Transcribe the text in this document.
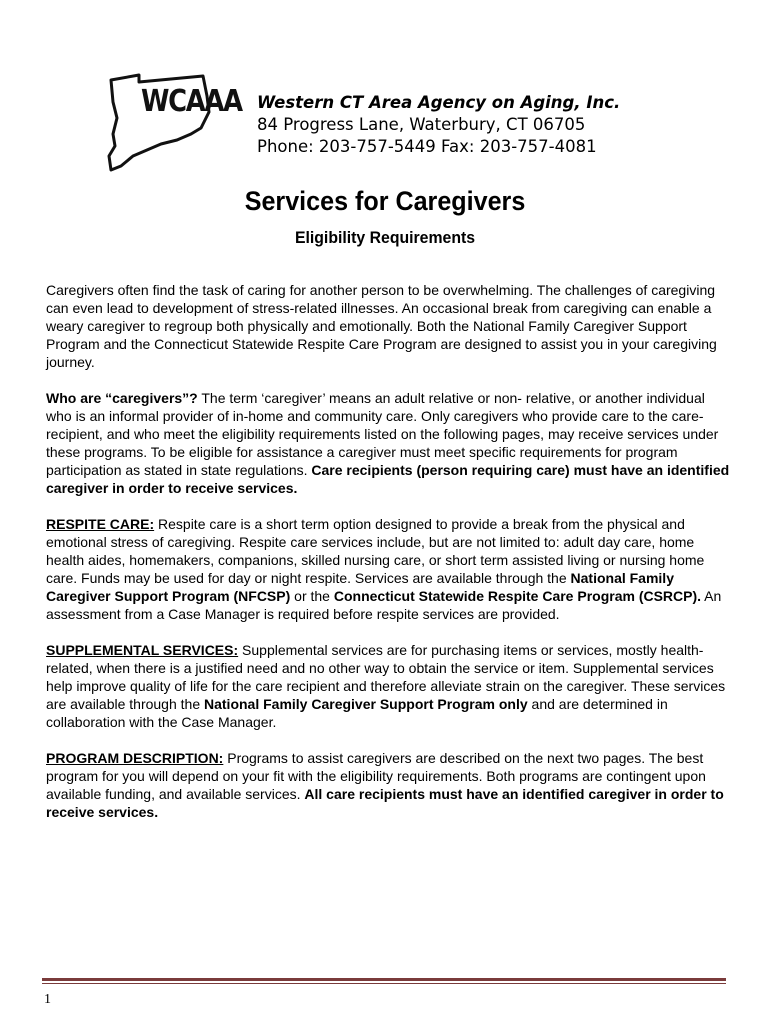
WCAAA Western CT Area Agency on Aging, Inc.
84 Progress Lane, Waterbury, CT 06705
Phone: 203-757-5449 Fax: 203-757-4081
Services for Caregivers
Eligibility Requirements

Caregivers often find the task of caring for another person to be overwhelming. The challenges of caregiving can even lead to development of stress-related illnesses. An occasional break from caregiving can enable a weary caregiver to regroup both physically and emotionally. Both the National Family Caregiver Support Program and the Connecticut Statewide Respite Care Program are designed to assist you in your caregiving journey.

Who are “caregivers”? The term ‘caregiver’ means an adult relative or non- relative, or another individual who is an informal provider of in-home and community care. Only caregivers who provide care to the care-recipient, and who meet the eligibility requirements listed on the following pages, may receive services under these programs. To be eligible for assistance a caregiver must meet specific requirements for program participation as stated in state regulations. Care recipients (person requiring care) must have an identified caregiver in order to receive services.

RESPITE CARE: Respite care is a short term option designed to provide a break from the physical and emotional stress of caregiving. Respite care services include, but are not limited to: adult day care, home health aides, homemakers, companions, skilled nursing care, or short term assisted living or nursing home care. Funds may be used for day or night respite. Services are available through the National Family Caregiver Support Program (NFCSP) or the Connecticut Statewide Respite Care Program (CSRCP). An assessment from a Case Manager is required before respite services are provided.

SUPPLEMENTAL SERVICES: Supplemental services are for purchasing items or services, mostly health-related, when there is a justified need and no other way to obtain the service or item. Supplemental services help improve quality of life for the care recipient and therefore alleviate strain on the caregiver. These services are available through the National Family Caregiver Support Program only and are determined in collaboration with the Case Manager.

PROGRAM DESCRIPTION: Programs to assist caregivers are described on the next two pages. The best program for you will depend on your fit with the eligibility requirements. Both programs are contingent upon available funding, and available services. All care recipients must have an identified caregiver in order to receive services.

1
